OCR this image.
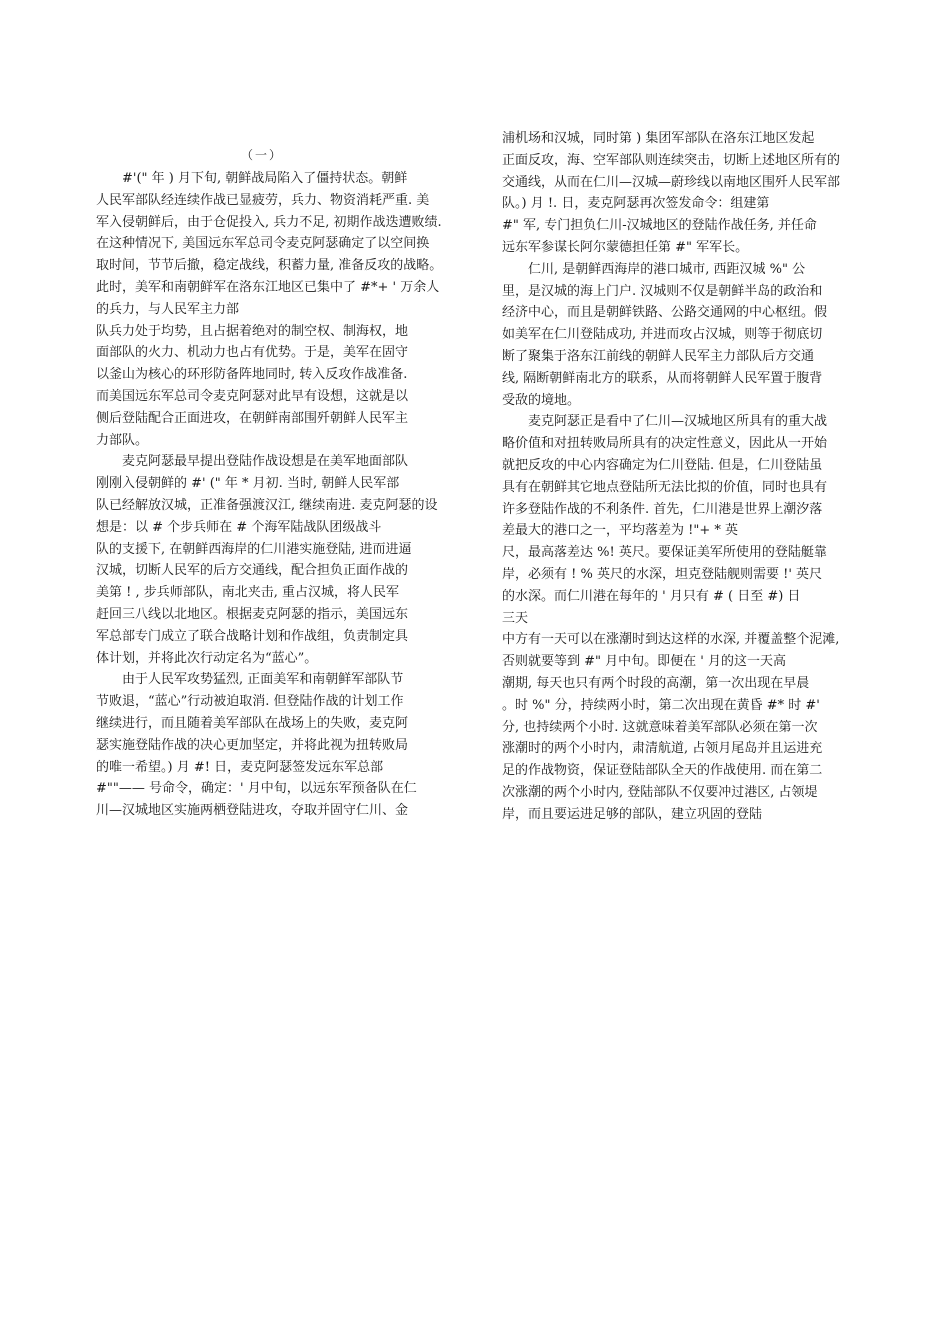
（一）
#'(" 年 ) 月下旬, 朝鲜战局陷入了僵持状态。朝鲜
人民军部队经连续作战已显疲劳，兵力、物资消耗严重. 美
军入侵朝鲜后，由于仓促投入, 兵力不足, 初期作战迭遭败绩.
在这种情况下, 美国远东军总司令麦克阿瑟确定了以空间换
取时间，节节后撤，稳定战线，积蓄力量, 准备反攻的战略。
此时，美军和南朝鲜军在洛东江地区已集中了 #*+ ' 万余人
的兵力，与人民军主力部
队兵力处于均势，且占据着绝对的制空权、制海权，地
面部队的火力、机动力也占有优势。于是，美军在固守
以釜山为核心的环形防备阵地同时, 转入反攻作战准备.
而美国远东军总司令麦克阿瑟对此早有设想，这就是以
侧后登陆配合正面进攻，在朝鲜南部围歼朝鲜人民军主
力部队。
麦克阿瑟最早提出登陆作战设想是在美军地面部队
刚刚入侵朝鲜的 #' (" 年 * 月初. 当时, 朝鲜人民军部
队已经解放汉城，正准备强渡汉江, 继续南进. 麦克阿瑟的设
想是：以 # 个步兵师在 # 个海军陆战队团级战斗
队的支援下, 在朝鲜西海岸的仁川港实施登陆, 进而进逼
汉城，切断人民军的后方交通线，配合担负正面作战的
美第 ! , 步兵师部队，南北夹击, 重占汉城，将人民军
赶回三八线以北地区。根据麦克阿瑟的指示，美国远东
军总部专门成立了联合战略计划和作战组，负责制定具
体计划，并将此次行动定名为“蓝心”。
由于人民军攻势猛烈, 正面美军和南朝鲜军部队节
节败退，“蓝心”行动被迫取消. 但登陆作战的计划工作
继续进行，而且随着美军部队在战场上的失败，麦克阿
瑟实施登陆作战的决心更加坚定，并将此视为扭转败局
的唯一希望。) 月 #! 日，麦克阿瑟签发远东军总部
#""—— 号命令，确定：' 月中旬，以远东军预备队在仁
川—汉城地区实施两栖登陆进攻，夺取并固守仁川、金
浦机场和汉城，同时第 ) 集团军部队在洛东江地区发起
正面反攻，海、空军部队则连续突击，切断上述地区所有的
交通线，从而在仁川—汉城—蔚珍线以南地区围歼人民军部
队。) 月 !. 日，麦克阿瑟再次签发命令：组建第
#" 军, 专门担负仁川-汉城地区的登陆作战任务, 并任命
远东军参谋长阿尔蒙德担任第 #" 军军长。
仁川, 是朝鲜西海岸的港口城市, 西距汉城 %" 公
里，是汉城的海上门户. 汉城则不仅是朝鲜半岛的政治和
经济中心，而且是朝鲜铁路、公路交通网的中心枢纽。假
如美军在仁川登陆成功, 并进而攻占汉城，则等于彻底切
断了聚集于洛东江前线的朝鲜人民军主力部队后方交通
线, 隔断朝鲜南北方的联系，从而将朝鲜人民军置于腹背
受敌的境地。
麦克阿瑟正是看中了仁川—汉城地区所具有的重大战
略价值和对扭转败局所具有的决定性意义，因此从一开始
就把反攻的中心内容确定为仁川登陆. 但是，仁川登陆虽
具有在朝鲜其它地点登陆所无法比拟的价值，同时也具有
许多登陆作战的不利条件. 首先，仁川港是世界上潮汐落
差最大的港口之一，平均落差为 !"+ * 英
尺，最高落差达 %! 英尺。要保证美军所使用的登陆艇靠
岸，必须有 ! % 英尺的水深，坦克登陆舰则需要 !' 英尺
的水深。而仁川港在每年的 ' 月只有 # ( 日至 #) 日
三天
中方有一天可以在涨潮时到达这样的水深, 并覆盖整个泥滩,
否则就要等到 #" 月中旬。即便在 ' 月的这一天高
潮期, 每天也只有两个时段的高潮，第一次出现在早晨
。时 %" 分，持续两小时，第二次出现在黄昏 #* 时 #'
分, 也持续两个小时. 这就意味着美军部队必须在第一次
涨潮时的两个小时内，肃清航道, 占领月尾岛并且运进充
足的作战物资，保证登陆部队全天的作战使用. 而在第二
次涨潮的两个小时内, 登陆部队不仅要冲过港区, 占领堤
岸，而且要运进足够的部队，建立巩固的登陆
